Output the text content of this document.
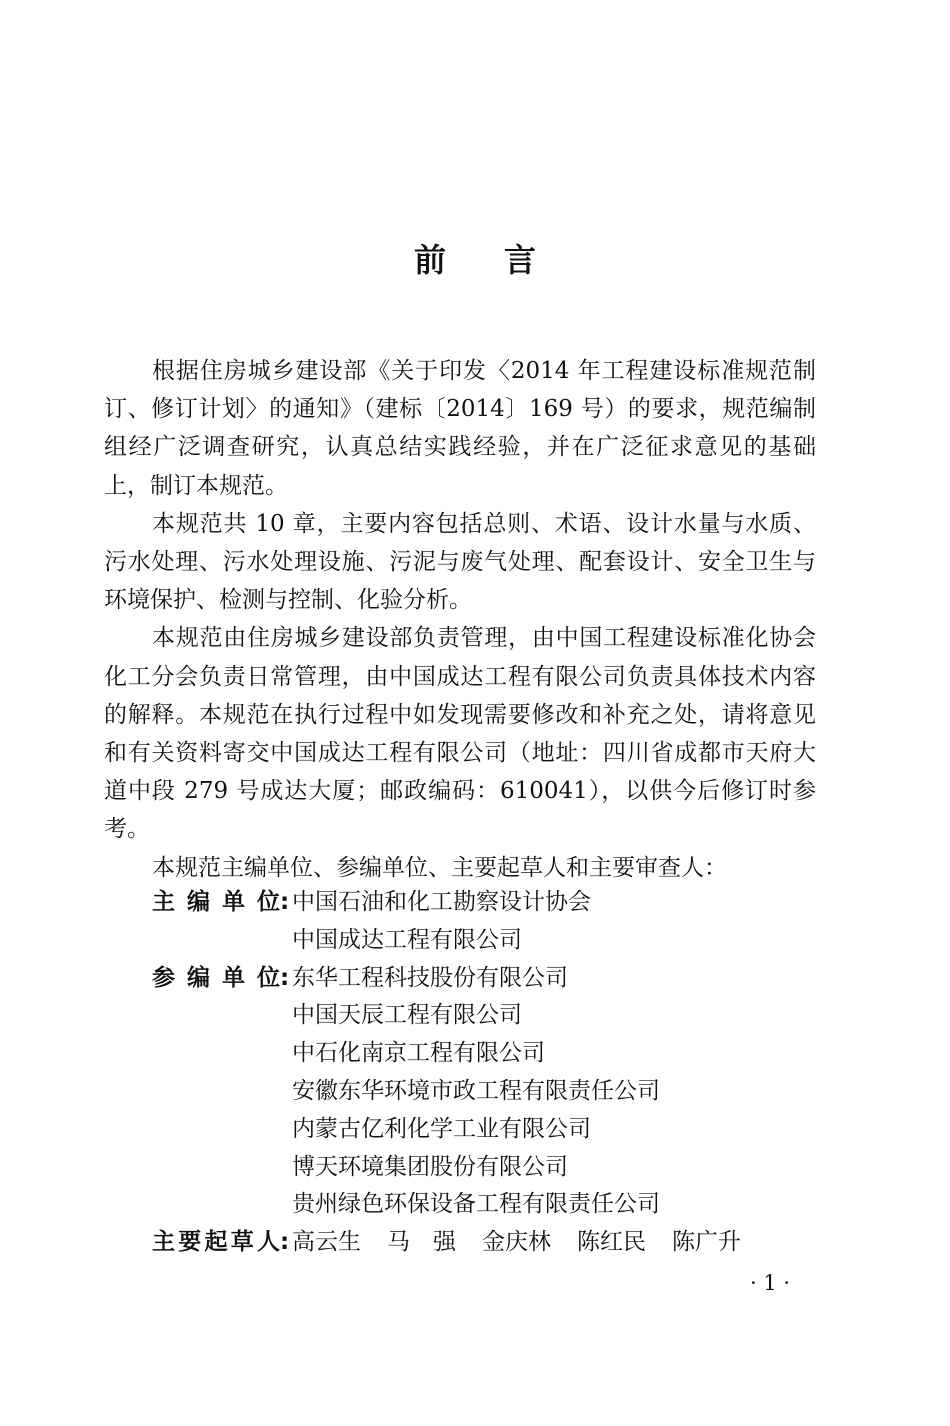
前言

根据住房城乡建设部《关于印发〈2014 年工程建设标准规范制订、修订计划〉的通知》（建标〔2014〕169 号）的要求，规范编制组经广泛调查研究，认真总结实践经验，并在广泛征求意见的基础上，制订本规范。

本规范共 10 章，主要内容包括总则、术语、设计水量与水质、污水处理、污水处理设施、污泥与废气处理、配套设计、安全卫生与环境保护、检测与控制、化验分析。

本规范由住房城乡建设部负责管理，由中国工程建设标准化协会化工分会负责日常管理，由中国成达工程有限公司负责具体技术内容的解释。本规范在执行过程中如发现需要修改和补充之处，请将意见和有关资料寄交中国成达工程有限公司（地址：四川省成都市天府大道中段 279 号成达大厦；邮政编码：610041），以供今后修订时参考。

本规范主编单位、参编单位、主要起草人和主要审查人：

主 编 单 位 : 中国石油和化工勘察设计协会
中国成达工程有限公司
参 编 单 位 : 东华工程科技股份有限公司
中国天辰工程有限公司
中石化南京工程有限公司
安徽东华环境市政工程有限责任公司
内蒙古亿利化学工业有限公司
博天环境集团股份有限公司
贵州绿色环保设备工程有限责任公司
主 要 起 草 人 : 高云生 马　强 金庆林 陈红民 陈广升
· 1 ·
